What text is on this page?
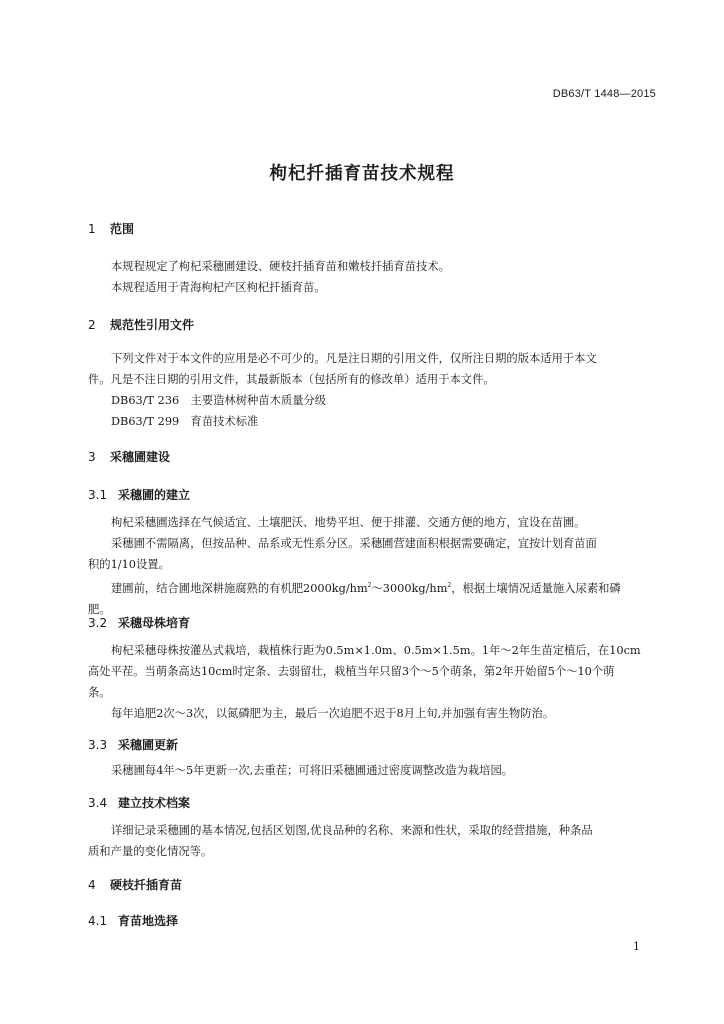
DB63/T 1448—2015
枸杞扦插育苗技术规程
1 范围
本规程规定了枸杞采穗圃建设、硬枝扦插育苗和嫩枝扦插育苗技术。
本规程适用于青海枸杞产区枸杞扦插育苗。
2 规范性引用文件
下列文件对于本文件的应用是必不可少的。凡是注日期的引用文件，仅所注日期的版本适用于本文
件。凡是不注日期的引用文件，其最新版本（包括所有的修改单）适用于本文件。
DB63/T 236　主要造林树种苗木质量分级
DB63/T 299　育苗技术标准
3 采穗圃建设
3.1 采穗圃的建立
枸杞采穗圃选择在气候适宜、土壤肥沃、地势平坦、便于排灌、交通方便的地方，宜设在苗圃。
采穗圃不需隔离，但按品种、品系或无性系分区。采穗圃营建面积根据需要确定，宜按计划育苗面
积的1/10设置。
建圃前，结合圃地深耕施腐熟的有机肥$2000kg/hm^2\sim 3000kg/hm^2$，根据土壤情况适量施入尿素和磷
肥。
3.2 采穗母株培育
枸杞采穗母株按灌丛式栽培，栽植株行距为0.5m×1.0m、0.5m×1.5m。1年～2年生苗定植后，在10cm
高处平茬。当萌条高达10cm时定条、去弱留壮，栽植当年只留3个～5个萌条，第2年开始留5个～10个萌
条。
每年追肥2次～3次，以氮磷肥为主，最后一次追肥不迟于8月上旬,并加强有害生物防治。
3.3 采穗圃更新
采穗圃每4年～5年更新一次,去重茬；可将旧采穗圃通过密度调整改造为栽培园。
3.4 建立技术档案
详细记录采穗圃的基本情况,包括区划图,优良品种的名称、来源和性状，采取的经营措施，种条品
质和产量的变化情况等。
4 硬枝扦插育苗
4.1 育苗地选择
1
